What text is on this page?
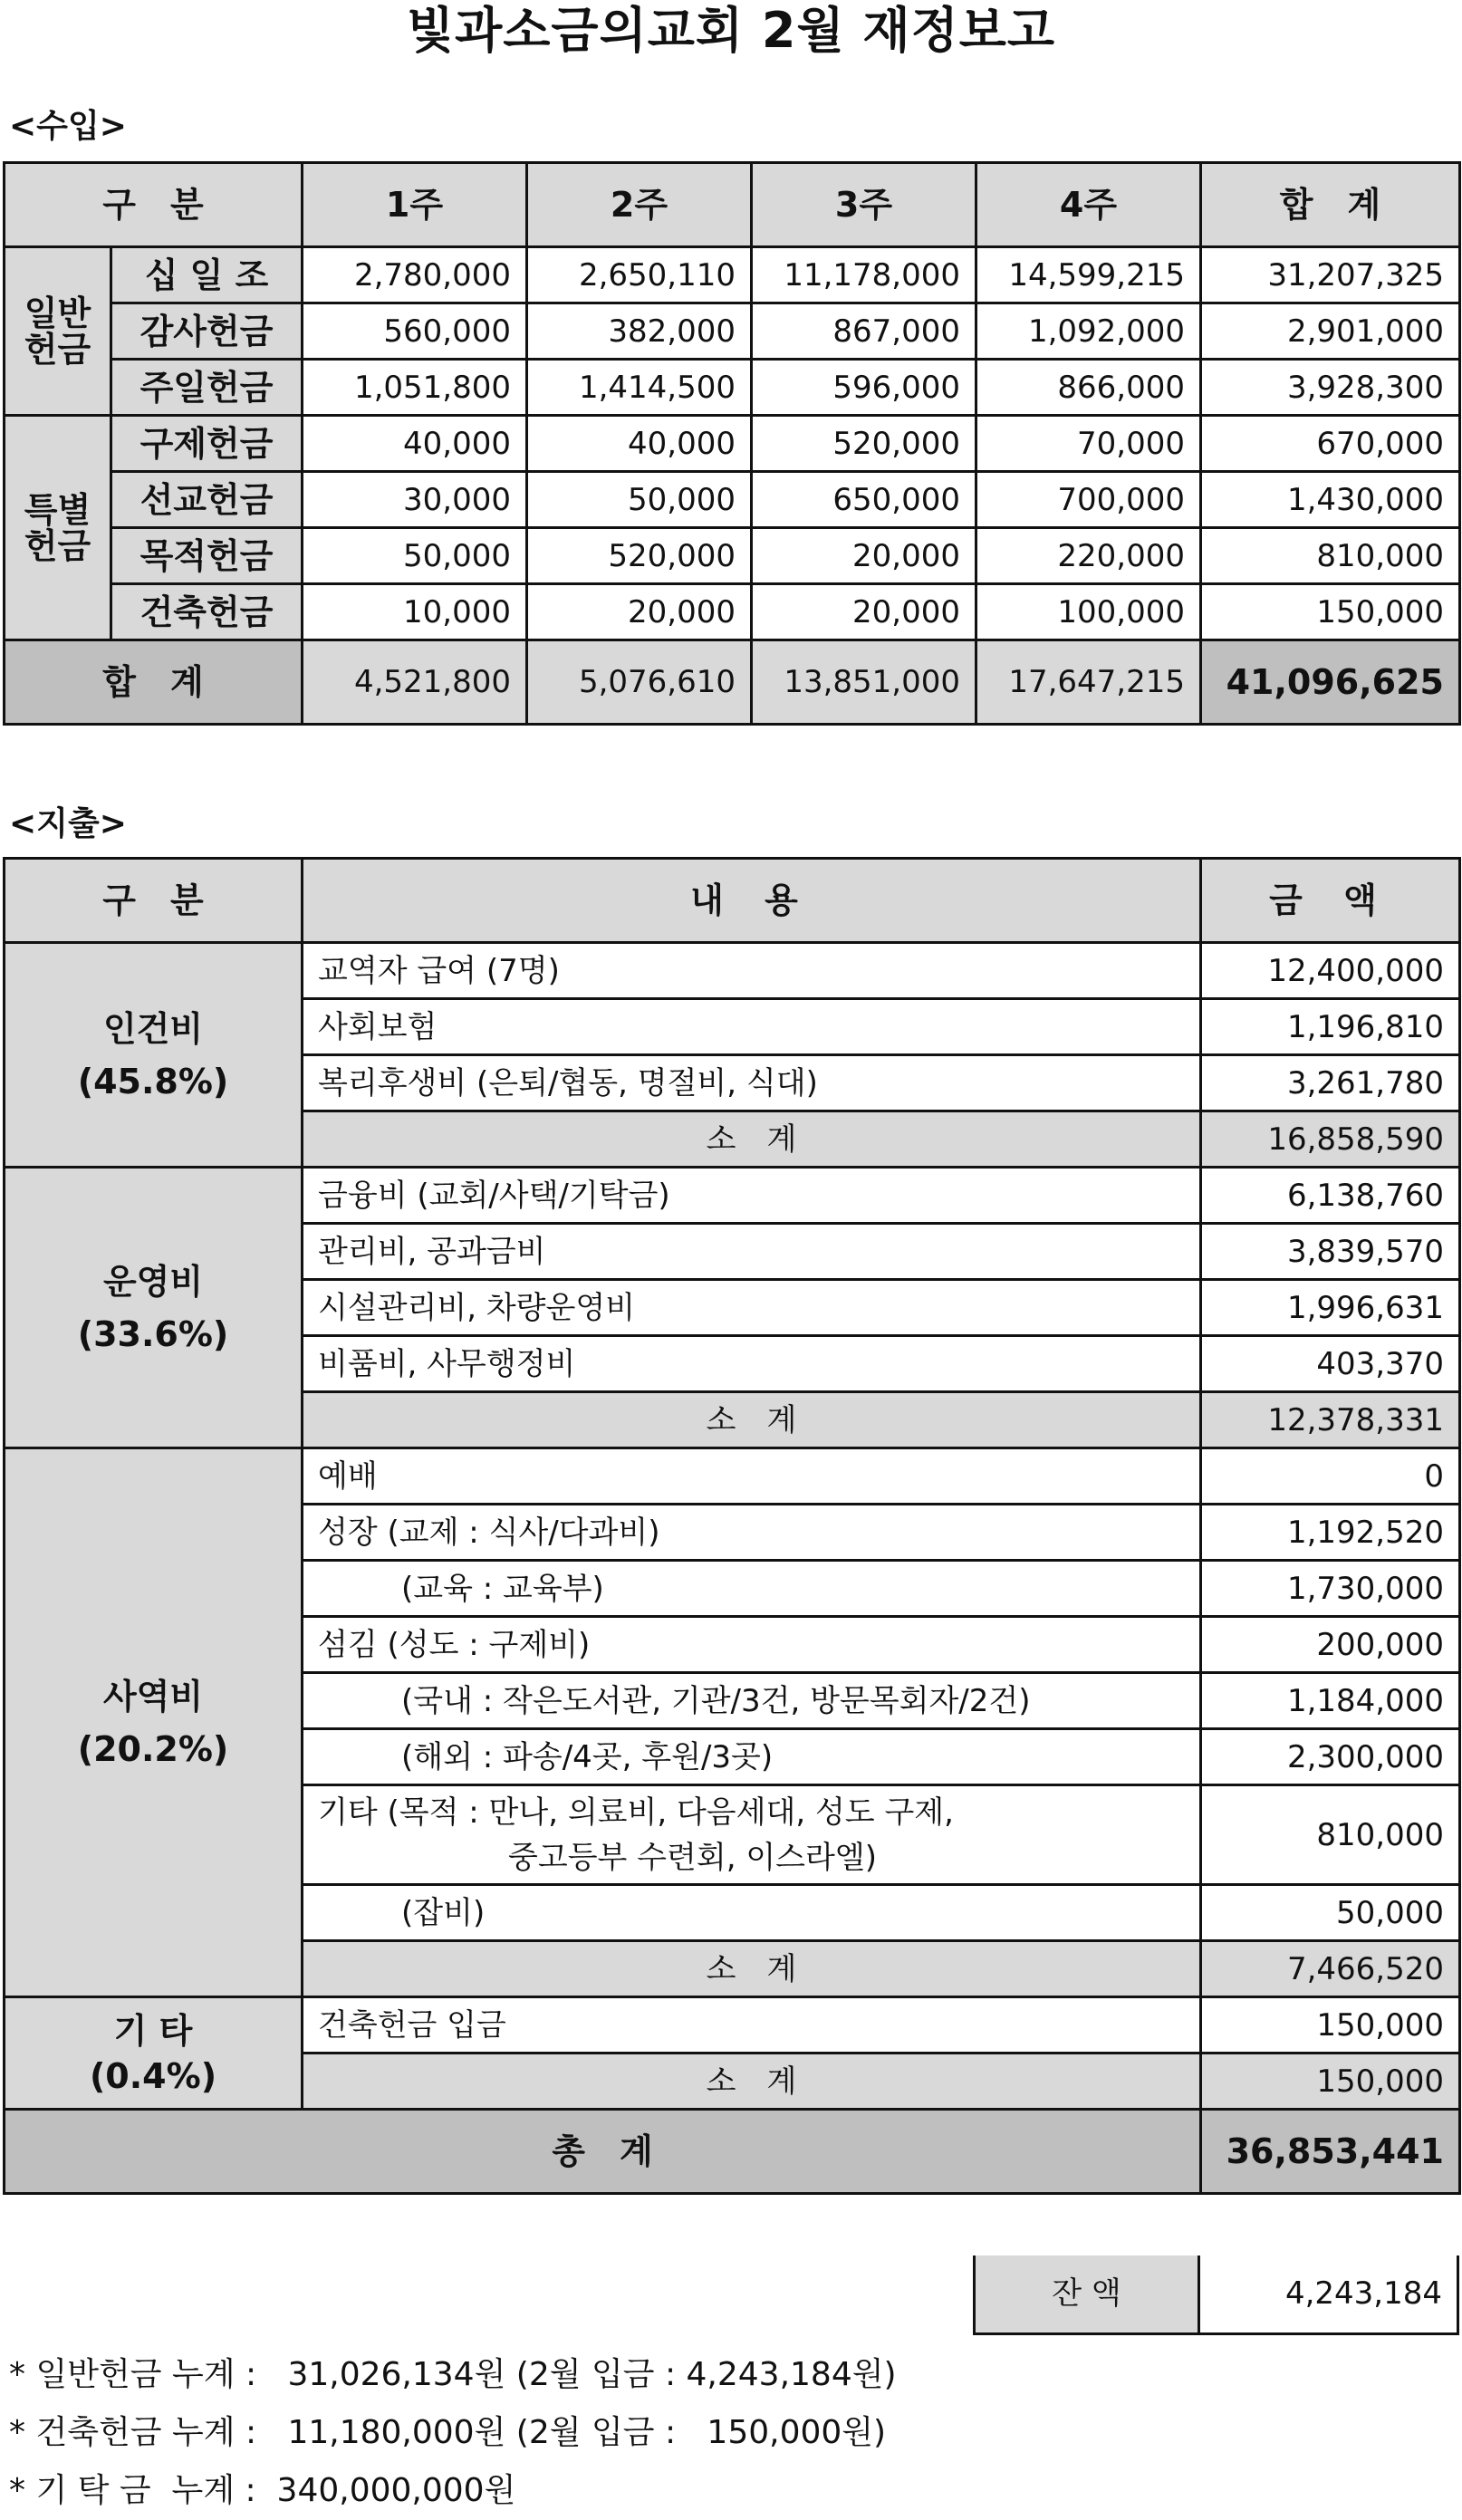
빛과소금의교회 2월 재정보고
<수입>
구　분		1주	2주	3주	4주	합　계
일반
헌금	십 일 조	2,780,000	2,650,110	11,178,000	14,599,215	31,207,325
	감사헌금	560,000	382,000	867,000	1,092,000	2,901,000
	주일헌금	1,051,800	1,414,500	596,000	866,000	3,928,300
특별
헌금	구제헌금	40,000	40,000	520,000	70,000	670,000
	선교헌금	30,000	50,000	650,000	700,000	1,430,000
	목적헌금	50,000	520,000	20,000	220,000	810,000
	건축헌금	10,000	20,000	20,000	100,000	150,000
합　계		4,521,800	5,076,610	13,851,000	17,647,215	41,096,625
<지출>
구　분	내 용	금 액

인건비
(45.8%)	교역자 급여 (7명)	12,400,000
	사회보험	1,196,810
	복리후생비 (은퇴/협동, 명절비, 식대)	3,261,780
	소　계	16,858,590

운영비
(33.6%)	금융비 (교회/사택/기탁금)	6,138,760
	관리비, 공과금비	3,839,570
	시설관리비, 차량운영비	1,996,631
	비품비, 사무행정비	403,370
	소　계	12,378,331

사역비
(20.2%)	예배	0
	성장 (교제 : 식사/다과비)	1,192,520
	(교육 : 교육부)	1,730,000
	섬김 (성도 : 구제비)	200,000
	(국내 : 작은도서관, 기관/3건, 방문목회자/2건)	1,184,000
	(해외 : 파송/4곳, 후원/3곳)	2,300,000

	기타 (목적 : 만나, 의료비, 다음세대, 성도 구제,
중고등부 수련회, 이스라엘)	810,000
	(잡비)	50,000
	소　계	7,466,520

기 타
(0.4%)	건축헌금 입금	150,000
	소　계	150,000
총　계		36,853,441
잔 액	4,243,184
* 일반헌금 누계 :   31,026,134원 (2월 입금 : 4,243,184원)
* 건축헌금 누계 :   11,180,000원 (2월 입금 :   150,000원)
* 기 탁 금  누계 :  340,000,000원
